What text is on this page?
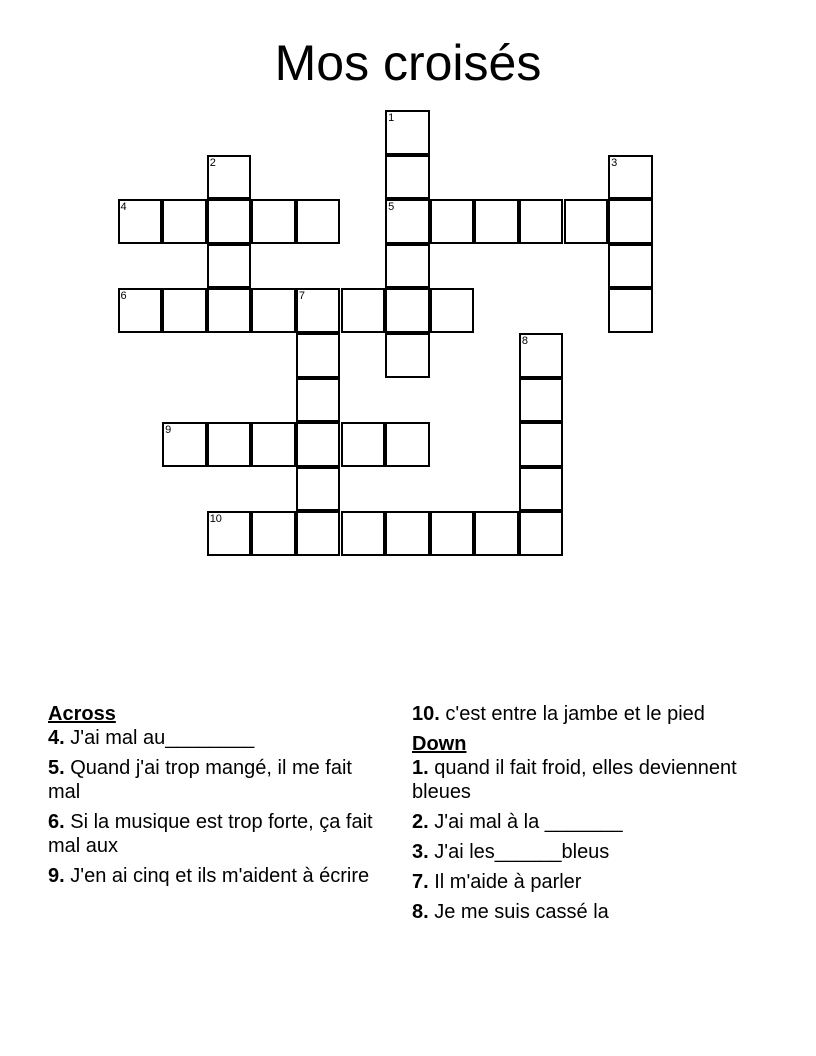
Mos croisés
1
2	3
4	5
6	7
8
9
10
Across
4. J'ai mal au________
5. Quand j'ai trop mangé, il me fait mal
6. Si la musique est trop forte, ça fait mal aux
9. J'en ai cinq et ils m'aident à écrire
10. c'est entre la jambe et le pied
Down
1. quand il fait froid, elles deviennent bleues
2. J'ai mal à la _______
3. J'ai les______bleus
7. Il m'aide à parler
8. Je me suis cassé la
